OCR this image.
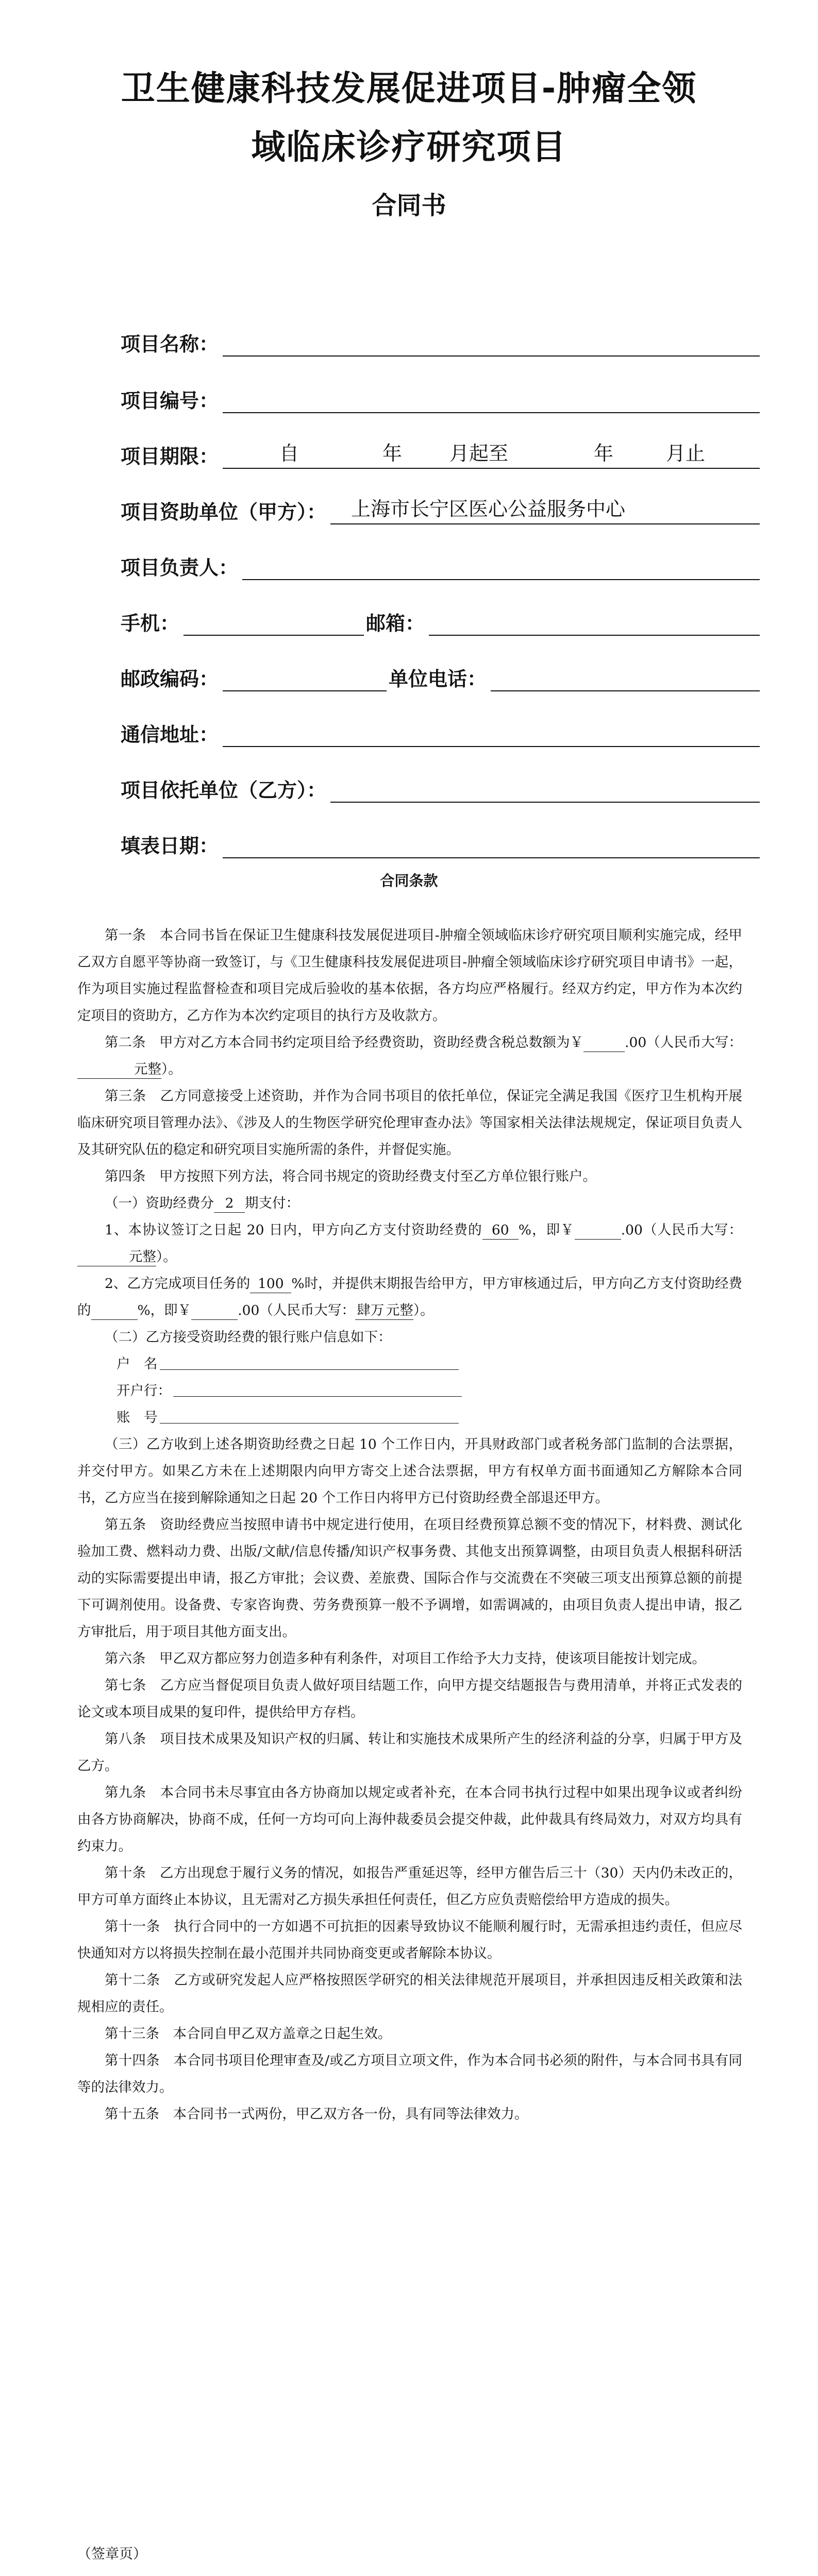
卫生健康科技发展促进项目-肿瘤全领
域临床诊疗研究项目
合同书
项目名称：
项目编号：
项目期限：	自	年 月起至	年	月止
项目资助单位（甲方）： 上海市长宁区医心公益服务中心
项目负责人：
手机：	邮箱：
邮政编码：	单位电话：
通信地址：
项目依托单位（乙方）：
填表日期：
合同条款

第一条　本合同书旨在保证卫生健康科技发展促进项目-肿瘤全领域临床诊疗研究项目顺利实施完成，经甲乙双方自愿平等协商一致签订，与《卫生健康科技发展促进项目-肿瘤全领域临床诊疗研究项目申请书》一起，作为项目实施过程监督检查和项目完成后验收的基本依据，各方均应严格履行。经双方约定，甲方作为本次约定项目的资助方，乙方作为本次约定项目的执行方及收款方。

第二条　甲方对乙方本合同书约定项目给予经费资助，资助经费含税总数额为￥	.00（人民币大写： 元整）。

第三条　乙方同意接受上述资助，并作为合同书项目的依托单位，保证完全满足我国《医疗卫生机构开展临床研究项目管理办法》、《涉及人的生物医学研究伦理审查办法》等国家相关法律法规规定，保证项目负责人及其研究队伍的稳定和研究项目实施所需的条件，并督促实施。

第四条　甲方按照下列方法，将合同书规定的资助经费支付至乙方单位银行账户。

（一）资助经费分 2 期支付：

1、本协议签订之日起 20 日内，甲方向乙方支付资助经费的 60 %，即￥	.00（人民币大写： 元整）。

2、乙方完成项目任务的 100 %时，并提供末期报告给甲方，甲方审核通过后，甲方向乙方支付资助经费的	%，即￥	.00（人民币大写： 肆万 元整）。

（二）乙方接受资助经费的银行账户信息如下：

户　名
开户行：
账　号

（三）乙方收到上述各期资助经费之日起 10 个工作日内，开具财政部门或者税务部门监制的合法票据，并交付甲方。如果乙方未在上述期限内向甲方寄交上述合法票据，甲方有权单方面书面通知乙方解除本合同书，乙方应当在接到解除通知之日起 20 个工作日内将甲方已付资助经费全部退还甲方。

第五条　资助经费应当按照申请书中规定进行使用，在项目经费预算总额不变的情况下，材料费、测试化验加工费、燃料动力费、出版/文献/信息传播/知识产权事务费、其他支出预算调整，由项目负责人根据科研活动的实际需要提出申请，报乙方审批；会议费、差旅费、国际合作与交流费在不突破三项支出预算总额的前提下可调剂使用。设备费、专家咨询费、劳务费预算一般不予调增，如需调减的，由项目负责人提出申请，报乙方审批后，用于项目其他方面支出。

第六条　甲乙双方都应努力创造多种有利条件，对项目工作给予大力支持，使该项目能按计划完成。

第七条　乙方应当督促项目负责人做好项目结题工作，向甲方提交结题报告与费用清单，并将正式发表的论文或本项目成果的复印件，提供给甲方存档。

第八条　项目技术成果及知识产权的归属、转让和实施技术成果所产生的经济利益的分享，归属于甲方及乙方。

第九条　本合同书未尽事宜由各方协商加以规定或者补充，在本合同书执行过程中如果出现争议或者纠纷由各方协商解决，协商不成，任何一方均可向上海仲裁委员会提交仲裁，此仲裁具有终局效力，对双方均具有约束力。

第十条　乙方出现怠于履行义务的情况，如报告严重延迟等，经甲方催告后三十（30）天内仍未改正的，甲方可单方面终止本协议，且无需对乙方损失承担任何责任，但乙方应负责赔偿给甲方造成的损失。

第十一条　执行合同中的一方如遇不可抗拒的因素导致协议不能顺利履行时，无需承担违约责任，但应尽快通知对方以将损失控制在最小范围并共同协商变更或者解除本协议。

第十二条　乙方或研究发起人应严格按照医学研究的相关法律规范开展项目，并承担因违反相关政策和法规相应的责任。

第十三条　本合同自甲乙双方盖章之日起生效。

第十四条　本合同书项目伦理审查及/或乙方项目立项文件，作为本合同书必须的附件，与本合同书具有同等的法律效力。

第十五条　本合同书一式两份，甲乙双方各一份，具有同等法律效力。

（签章页）
